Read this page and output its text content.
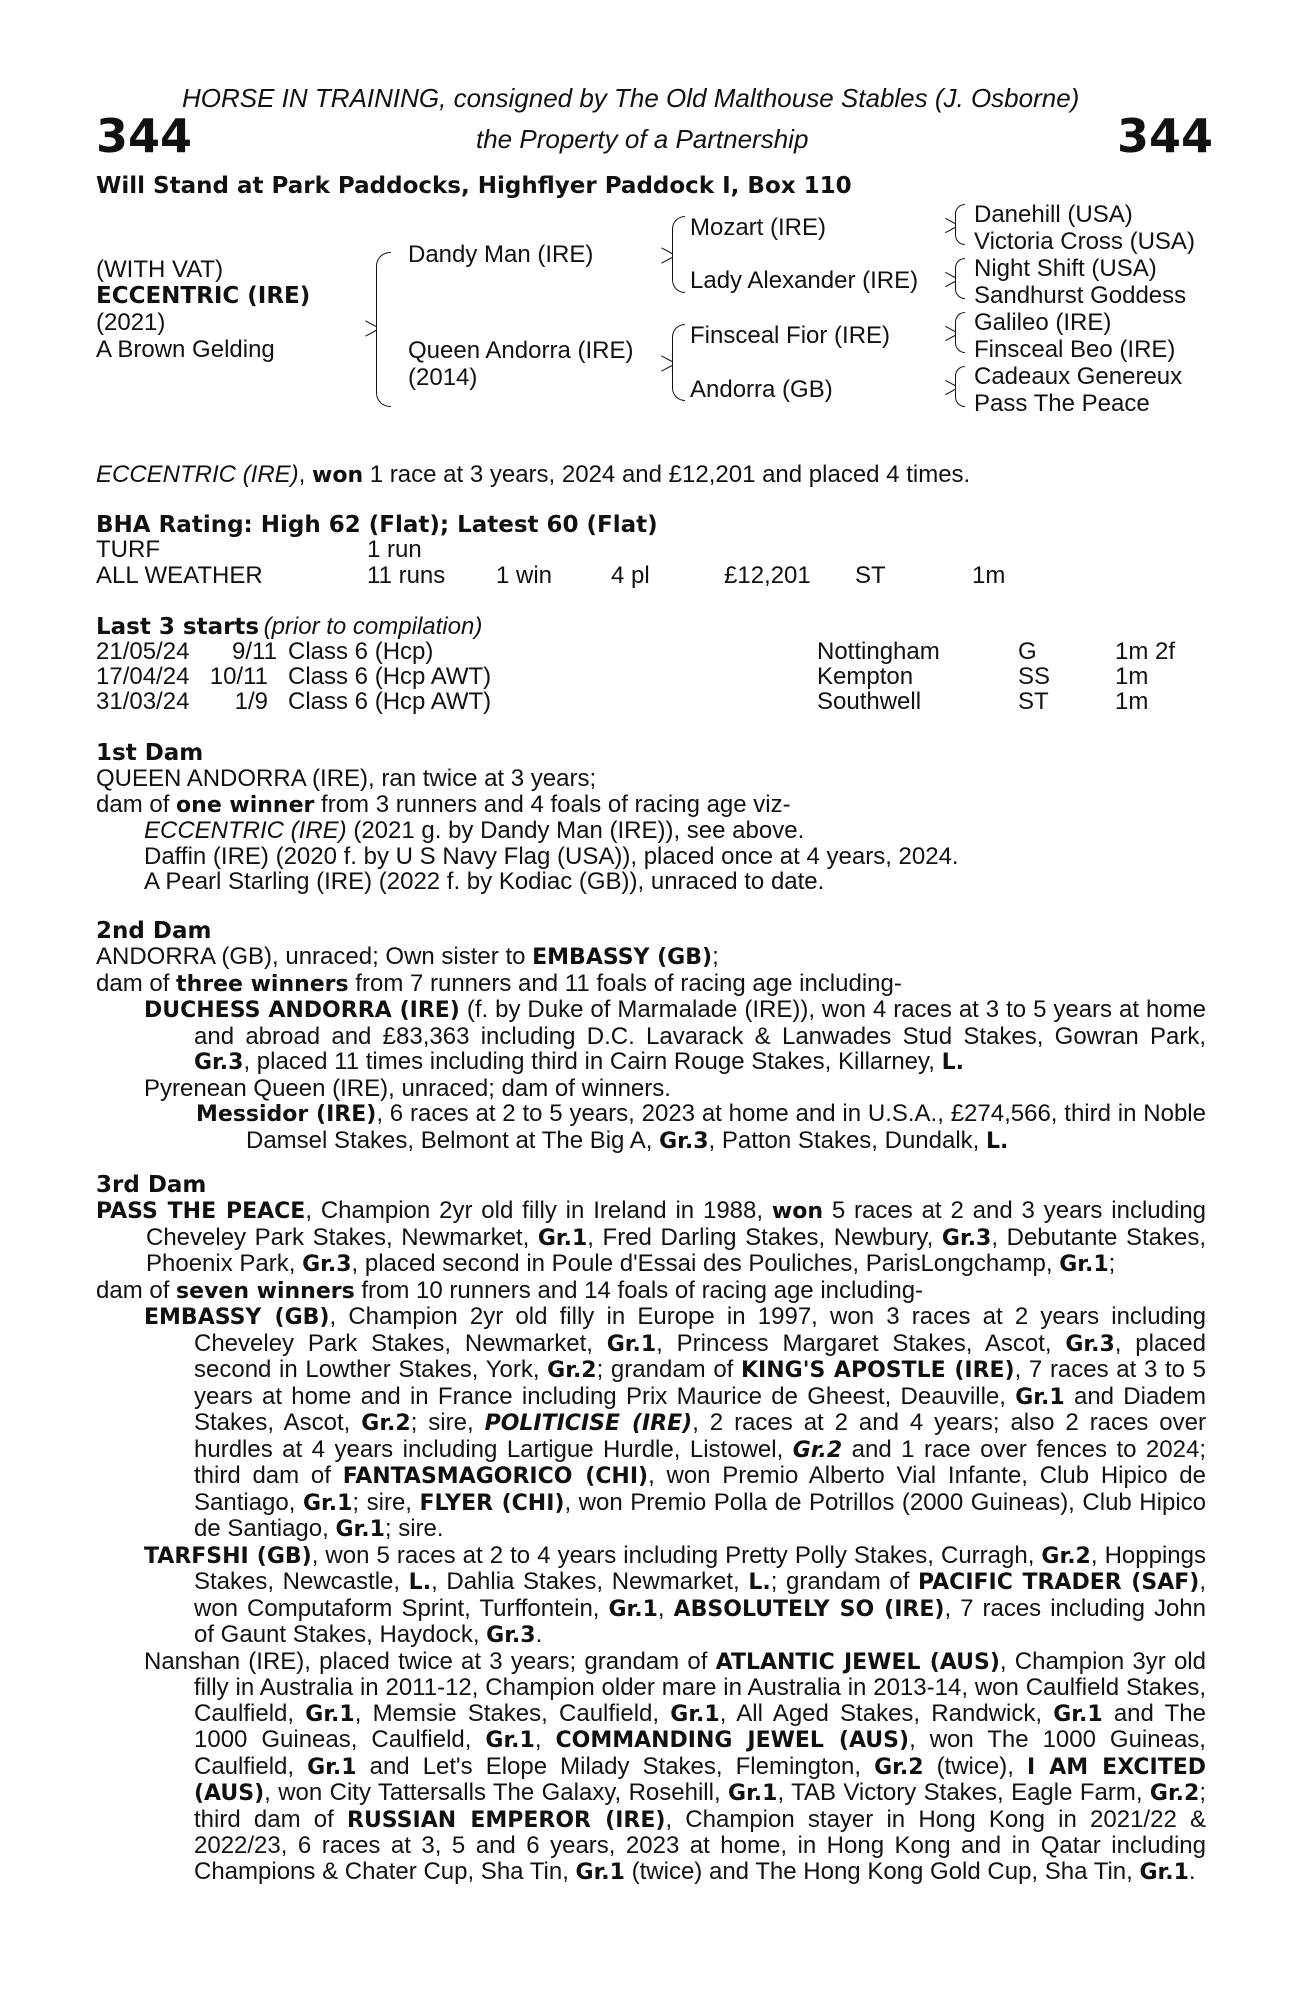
HORSE IN TRAINING, consigned by The Old Malthouse Stables (J. Osborne)
344	the Property of a Partnership	344
Will Stand at Park Paddocks, Highflyer Paddock I, Box 110
(WITH VAT)
ECCENTRIC (IRE)
(2021)
A Brown Gelding
Dandy Man (IRE)
Queen Andorra (IRE)
(2014)
Mozart (IRE)
Lady Alexander (IRE)
Finsceal Fior (IRE)
Andorra (GB)
Danehill (USA)
Victoria Cross (USA)
Night Shift (USA)
Sandhurst Goddess
Galileo (IRE)
Finsceal Beo (IRE)
Cadeaux Genereux
Pass The Peace
ECCENTRIC (IRE), won 1 race at 3 years, 2024 and £12,201 and placed 4 times.
BHA Rating: High 62 (Flat); Latest 60 (Flat)
TURF	1 run
ALL WEATHER	11 runs 1 win 4 pl	£12,201 ST	1m
Last 3 starts (prior to compilation)
21/05/24 9/11 Class 6 (Hcp)	Nottingham	G	1m 2f
17/04/24 10/11 Class 6 (Hcp AWT)	Kempton	SS	1m
31/03/24	1/9 Class 6 (Hcp AWT)	Southwell	ST	1m
1st Dam

QUEEN ANDORRA (IRE), ran twice at 3 years;

dam of one winner from 3 runners and 4 foals of racing age viz-

ECCENTRIC (IRE) (2021 g. by Dandy Man (IRE)), see above.

Daffin (IRE) (2020 f. by U S Navy Flag (USA)), placed once at 4 years, 2024.

A Pearl Starling (IRE) (2022 f. by Kodiac (GB)), unraced to date.

2nd Dam

ANDORRA (GB), unraced; Own sister to EMBASSY (GB);

dam of three winners from 7 runners and 11 foals of racing age including-

DUCHESS ANDORRA (IRE) (f. by Duke of Marmalade (IRE)), won 4 races at 3 to 5 years at home and abroad and £83,363 including D.C. Lavarack & Lanwades Stud Stakes, Gowran Park, Gr.3, placed 11 times including third in Cairn Rouge Stakes, Killarney, L.

Pyrenean Queen (IRE), unraced; dam of winners.

Messidor (IRE), 6 races at 2 to 5 years, 2023 at home and in U.S.A., £274,566, third in Noble Damsel Stakes, Belmont at The Big A, Gr.3, Patton Stakes, Dundalk, L.

3rd Dam

PASS THE PEACE, Champion 2yr old filly in Ireland in 1988, won 5 races at 2 and 3 years including Cheveley Park Stakes, Newmarket, Gr.1, Fred Darling Stakes, Newbury, Gr.3, Debutante Stakes, Phoenix Park, Gr.3, placed second in Poule d'Essai des Pouliches, ParisLongchamp, Gr.1;

dam of seven winners from 10 runners and 14 foals of racing age including-

EMBASSY (GB), Champion 2yr old filly in Europe in 1997, won 3 races at 2 years including Cheveley Park Stakes, Newmarket, Gr.1, Princess Margaret Stakes, Ascot, Gr.3, placed second in Lowther Stakes, York, Gr.2; grandam of KING'S APOSTLE (IRE), 7 races at 3 to 5 years at home and in France including Prix Maurice de Gheest, Deauville, Gr.1 and Diadem Stakes, Ascot, Gr.2; sire, POLITICISE (IRE), 2 races at 2 and 4 years; also 2 races over hurdles at 4 years including Lartigue Hurdle, Listowel, Gr.2 and 1 race over fences to 2024; third dam of FANTASMAGORICO (CHI), won Premio Alberto Vial Infante, Club Hipico de Santiago, Gr.1; sire, FLYER (CHI), won Premio Polla de Potrillos (2000 Guineas), Club Hipico de Santiago, Gr.1; sire.

TARFSHI (GB), won 5 races at 2 to 4 years including Pretty Polly Stakes, Curragh, Gr.2, Hoppings Stakes, Newcastle, L., Dahlia Stakes, Newmarket, L.; grandam of PACIFIC TRADER (SAF), won Computaform Sprint, Turffontein, Gr.1, ABSOLUTELY SO (IRE), 7 races including John of Gaunt Stakes, Haydock, Gr.3.

Nanshan (IRE), placed twice at 3 years; grandam of ATLANTIC JEWEL (AUS), Champion 3yr old filly in Australia in 2011-12, Champion older mare in Australia in 2013-14, won Caulfield Stakes, Caulfield, Gr.1, Memsie Stakes, Caulfield, Gr.1, All Aged Stakes, Randwick, Gr.1 and The 1000 Guineas, Caulfield, Gr.1, COMMANDING JEWEL (AUS), won The 1000 Guineas, Caulfield, Gr.1 and Let's Elope Milady Stakes, Flemington, Gr.2 (twice), I AM EXCITED (AUS), won City Tattersalls The Galaxy, Rosehill, Gr.1, TAB Victory Stakes, Eagle Farm, Gr.2; third dam of RUSSIAN EMPEROR (IRE), Champion stayer in Hong Kong in 2021/22 & 2022/23, 6 races at 3, 5 and 6 years, 2023 at home, in Hong Kong and in Qatar including Champions & Chater Cup, Sha Tin, Gr.1 (twice) and The Hong Kong Gold Cup, Sha Tin, Gr.1.
